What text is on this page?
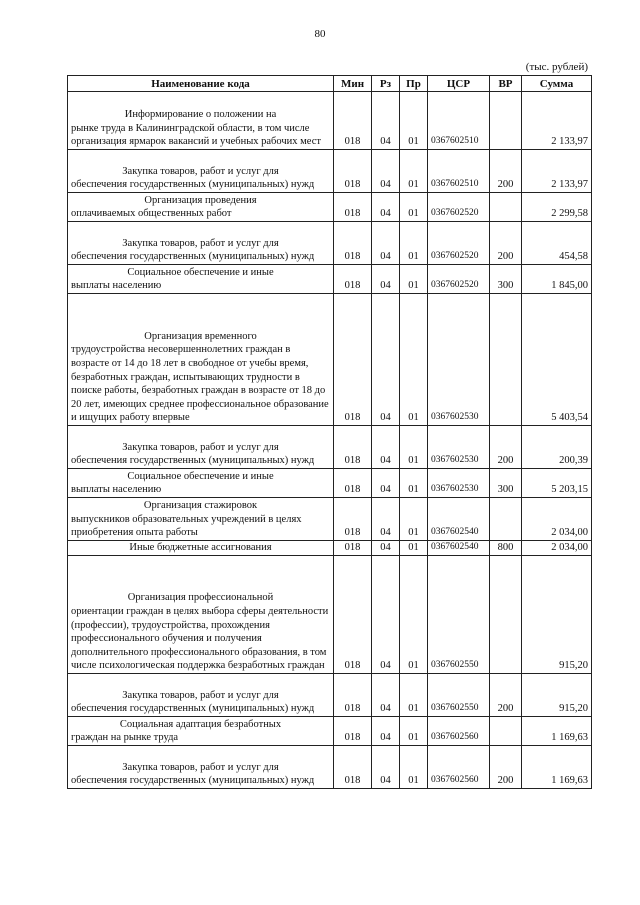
80
(тыс. рублей)
Наименование кода	Мин	Рз	Пр	ЦСР	ВР	Сумма

Информирование о положении на
рынке труда в Калининградской области, в том числе организация ярмарок вакансий и учебных рабочих мест	018	04	01	0367602510		2 133,97

Закупка товаров, работ и услуг для
обеспечения государственных (муниципальных) нужд	018	04	01	0367602510	200	2 133,97

Организация проведения
оплачиваемых общественных работ	018	04	01	0367602520		2 299,58

Закупка товаров, работ и услуг для
обеспечения государственных (муниципальных) нужд	018	04	01	0367602520	200	454,58

Социальное обеспечение и иные
выплаты населению	018	04	01	0367602520	300	1 845,00

Организация временного
трудоустройства несовершеннолетних граждан в возрасте от 14 до 18 лет в свободное от учебы время, безработных граждан, испытывающих трудности в поиске работы, безработных граждан в возрасте от 18 до 20 лет, имеющих среднее профессиональное образование и ищущих работу впервые	018	04	01	0367602530		5 403,54

Закупка товаров, работ и услуг для
обеспечения государственных (муниципальных) нужд	018	04	01	0367602530	200	200,39

Социальное обеспечение и иные
выплаты населению	018	04	01	0367602530	300	5 203,15

Организация стажировок
выпускников образовательных учреждений в целях приобретения опыта работы	018	04	01	0367602540		2 034,00
Иные бюджетные ассигнования	018	04	01	0367602540	800	2 034,00

Организация профессиональной
ориентации граждан в целях выбора сферы деятельности (профессии), трудоустройства, прохождения профессионального обучения и получения дополнительного профессионального образования, в том числе психологическая поддержка безработных граждан	018	04	01	0367602550		915,20

Закупка товаров, работ и услуг для
обеспечения государственных (муниципальных) нужд	018	04	01	0367602550	200	915,20

Социальная адаптация безработных
граждан на рынке труда	018	04	01	0367602560		1 169,63

Закупка товаров, работ и услуг для
обеспечения государственных (муниципальных) нужд	018	04	01	0367602560	200	1 169,63
